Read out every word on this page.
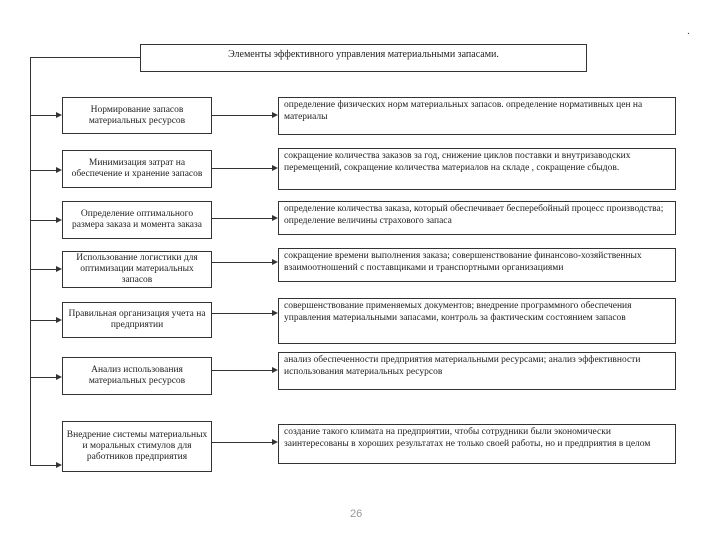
.
Элементы эффективного управления материальными запасами.
Нормирование запасов материальных ресурсов
определение физических норм материальных запасов. определение нормативных цен на материалы
Минимизация затрат на обеспечение и хранение запасов
сокращение количества заказов за год, снижение циклов поставки и внутризаводских перемещений, сокращение количества материалов на складе , сокращение сбыдов.
Определение оптимального размера заказа и момента заказа
определение количества заказа, который обеспечивает бесперебойный процесс производства; определение величины страхового запаса
Использование логистики для оптимизации материальных запасов
сокращение времени выполнения заказа; совершенствование финансово-хозяйственных взаимоотношений с поставщиками и транспортными организациями
Правильная организация учета на предприятии
совершенствование применяемых документов; внедрение программного обеспечения управления материальными запасами, контроль за фактическим состоянием запасов
Анализ использования материальных ресурсов
анализ обеспеченности предприятия материальными ресурсами; анализ эффективности использования материальных ресурсов
Внедрение системы материальных и моральных стимулов для работников предприятия
создание такого климата на предприятии, чтобы сотрудники были экономически заинтересованы в хороших результатах не только своей работы, но и предприятия в целом
26
